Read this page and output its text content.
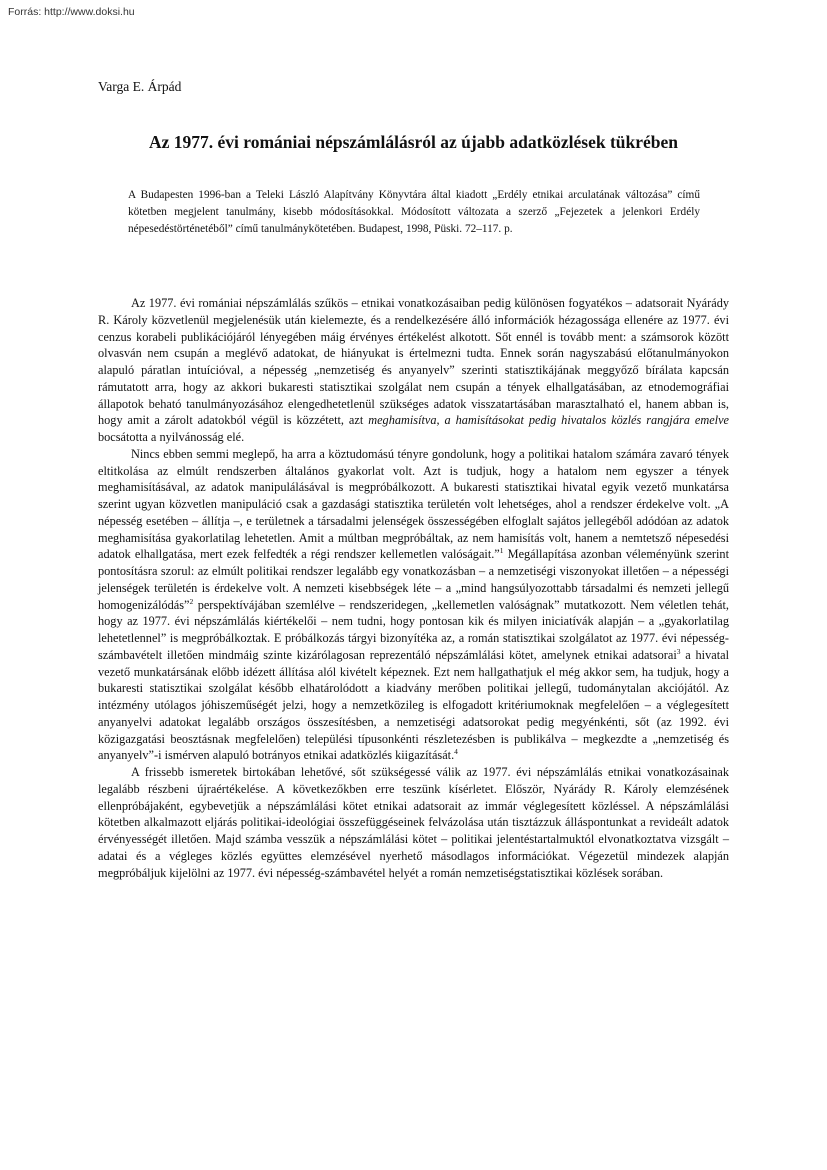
Forrás: http://www.doksi.hu
Varga E. Árpád
Az 1977. évi romániai népszámlálásról az újabb adatközlések tükrében

A Budapesten 1996-ban a Teleki László Alapítvány Könyvtára által kiadott „Erdély etnikai arculatának változása” című kötetben megjelent tanulmány, kisebb módosításokkal. Módosított változata a szerző „Fejezetek a jelenkori Erdély népesedéstörténetéből” című tanulmánykötetében. Budapest, 1998, Püski. 72–117. p.

Az 1977. évi romániai népszámlálás szűkös – etnikai vonatkozásaiban pedig különösen fogyatékos – adatsorait Nyárády R. Károly közvetlenül megjelenésük után kielemezte, és a rendelkezésére álló információk hézagossága ellenére az 1977. évi cenzus korabeli publikációjáról lényegében máig érvényes értékelést alkotott. Sőt ennél is tovább ment: a számsorok között olvasván nem csupán a meglévő adatokat, de hiányukat is értelmezni tudta. Ennek során nagyszabású előtanulmányokon alapuló páratlan intuícióval, a népesség „nemzetiség és anyanyelv” szerinti statisztikájának meggyőző bírálata kapcsán rámutatott arra, hogy az akkori bukaresti statisztikai szolgálat nem csupán a tények elhallgatásában, az etnodemográfiai állapotok beható tanulmányozásához elengedhetetlenül szükséges adatok visszatartásában marasztalható el, hanem abban is, hogy amit a zárolt adatokból végül is közzétett, azt meghamisítva, a hamisításokat pedig hivatalos közlés rangjára emelve bocsátotta a nyilvánosság elé.

Nincs ebben semmi meglepő, ha arra a köztudomású tényre gondolunk, hogy a politikai hatalom számára zavaró tények eltitkolása az elmúlt rendszerben általános gyakorlat volt. Azt is tudjuk, hogy a hatalom nem egyszer a tények meghamisításával, az adatok manipulálásával is megpróbálkozott. A bukaresti statisztikai hivatal egyik vezető munkatársa szerint ugyan közvetlen manipuláció csak a gazdasági statisztika területén volt lehetséges, ahol a rendszer érdekelve volt. „A népesség esetében – állítja –, e területnek a társadalmi jelenségek összességében elfoglalt sajátos jellegéből adódóan az adatok meghamisítása gyakorlatilag lehetetlen. Amit a múltban megpróbáltak, az nem hamisítás volt, hanem a nemtetsző népesedési adatok elhallgatása, mert ezek felfedték a régi rendszer kellemetlen valóságait.”$^1$ Megállapítása azonban véleményünk szerint pontosításra szorul: az elmúlt politikai rendszer legalább egy vonatkozásban – a nemzetiségi viszonyokat illetően – a népességi jelenségek területén is érdekelve volt. A nemzeti kisebbségek léte – a „mind hangsúlyozottabb társadalmi és nemzeti jellegű homogenizálódás”$^2$ perspektívájában szemlélve – rendszeridegen, „kellemetlen valóságnak” mutatkozott. Nem véletlen tehát, hogy az 1977. évi népszámlálás kiértékelői – nem tudni, hogy pontosan kik és milyen iniciatívák alapján – a „gyakorlatilag lehetetlennel” is megpróbálkoztak. E próbálkozás tárgyi bizonyítéka az, a román statisztikai szolgálatot az 1977. évi népesség-számbavételt illetően mindmáig szinte kizárólagosan reprezentáló népszámlálási kötet, amelynek etnikai adatsorai$^3$ a hivatal vezető munkatársának előbb idézett állítása alól kivételt képeznek. Ezt nem hallgathatjuk el még akkor sem, ha tudjuk, hogy a bukaresti statisztikai szolgálat később elhatárolódott a kiadvány merőben politikai jellegű, tudománytalan akciójától. Az intézmény utólagos jóhiszeműségét jelzi, hogy a nemzetközileg is elfogadott kritériumoknak megfelelően – a véglegesített anyanyelvi adatokat legalább országos összesítésben, a nemzetiségi adatsorokat pedig megyénkénti, sőt (az 1992. évi közigazgatási beosztásnak megfelelően) települési típusonkénti részletezésben is publikálva – megkezdte a „nemzetiség és anyanyelv”-i ismérven alapuló botrányos etnikai adatközlés kiigazítását.$^4$

A frissebb ismeretek birtokában lehetővé, sőt szükségessé válik az 1977. évi népszámlálás etnikai vonatkozásainak legalább részbeni újraértékelése. A következőkben erre teszünk kísérletet. Először, Nyárády R. Károly elemzésének ellenpróbájaként, egybevetjük a népszámlálási kötet etnikai adatsorait az immár véglegesített közléssel. A népszámlálási kötetben alkalmazott eljárás politikai-ideológiai összefüggéseinek felvázolása után tisztázzuk álláspontunkat a revideált adatok érvényességét illetően. Majd számba vesszük a népszámlálási kötet – politikai jelentéstartalmuktól elvonatkoztatva vizsgált – adatai és a végleges közlés együttes elemzésével nyerhető másodlagos információkat. Végezetül mindezek alapján megpróbáljuk kijelölni az 1977. évi népesség-számbavétel helyét a román nemzetiségstatisztikai közlések sorában.
